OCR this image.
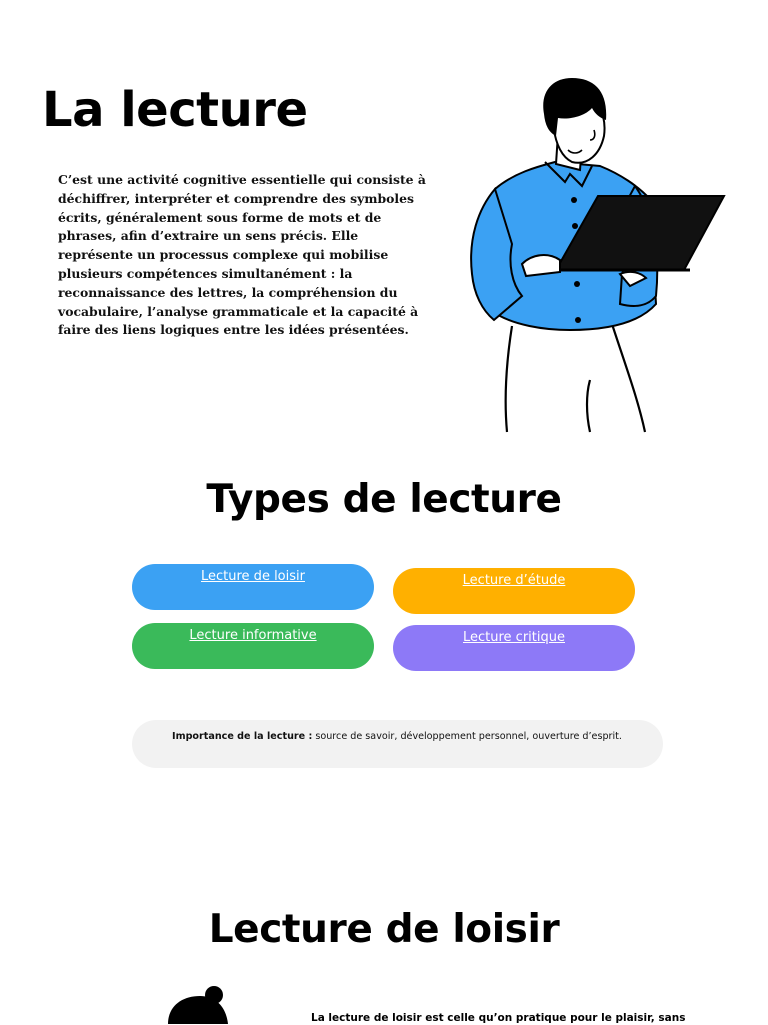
La lecture

C’est une activité cognitive essentielle qui consiste à déchiffrer, interpréter et comprendre des symboles écrits, généralement sous forme de mots et de phrases, afin d’extraire un sens précis. Elle représente un processus complexe qui mobilise plusieurs compétences simultanément : la reconnaissance des lettres, la compréhension du vocabulaire, l’analyse grammaticale et la capacité à faire des liens logiques entre les idées présentées.

Types de lecture
Lecture de loisir	Lecture d’étude
Lecture informative	Lecture critique
Importance de la lecture : source de savoir, développement personnel, ouverture d’esprit.
Lecture de loisir

La lecture de loisir est celle qu’on pratique pour le plaisir, sans
